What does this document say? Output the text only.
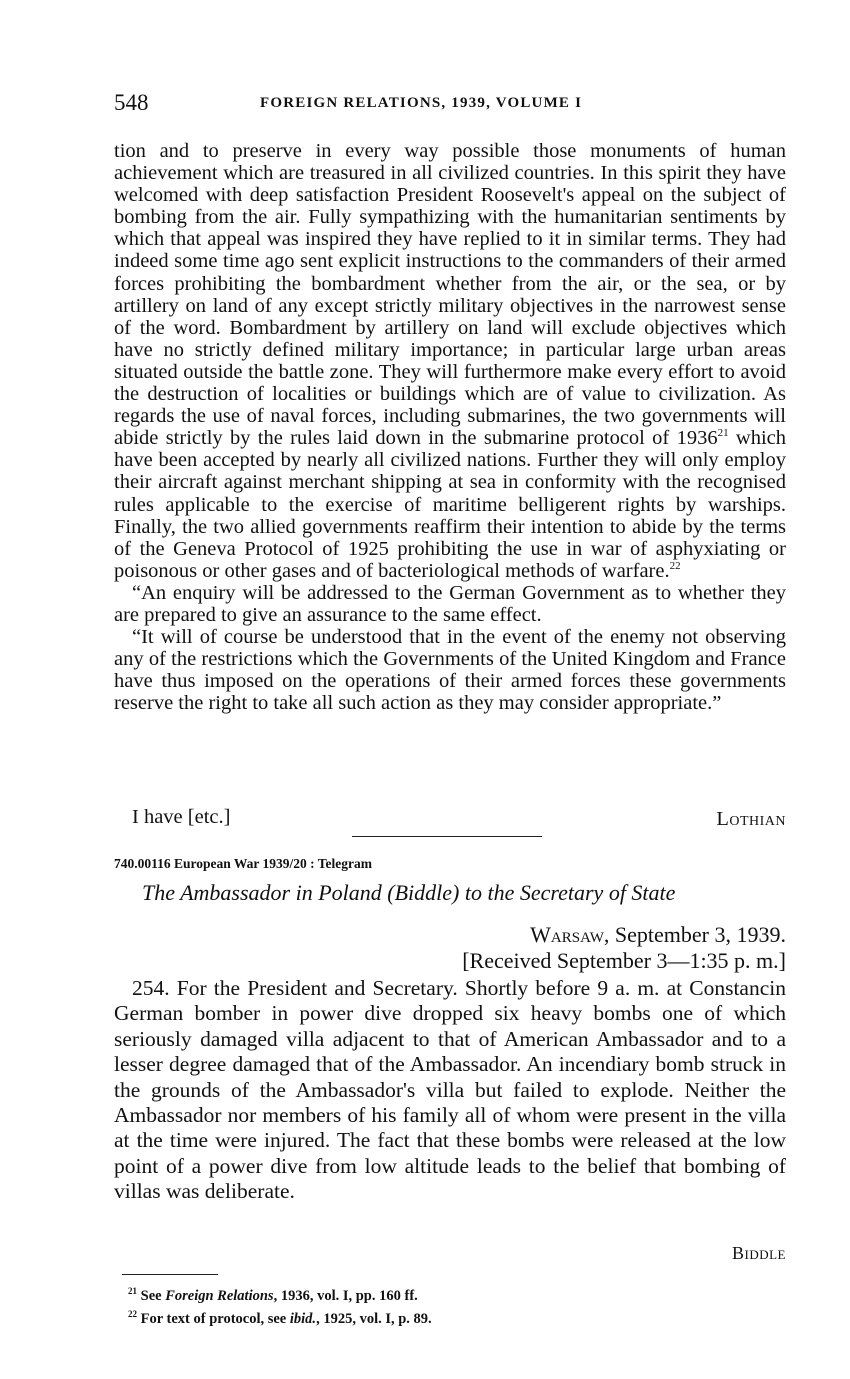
548	FOREIGN RELATIONS, 1939, VOLUME I

tion and to preserve in every way possible those monuments of human achievement which are treasured in all civilized countries. In this spirit they have welcomed with deep satisfaction President Roosevelt's appeal on the subject of bombing from the air. Fully sympathizing with the humanitarian sentiments by which that appeal was inspired they have replied to it in similar terms. They had indeed some time ago sent explicit instructions to the commanders of their armed forces prohibiting the bombardment whether from the air, or the sea, or by artillery on land of any except strictly military objectives in the narrowest sense of the word. Bombardment by artillery on land will exclude objectives which have no strictly defined military importance; in particular large urban areas situated outside the battle zone. They will furthermore make every effort to avoid the destruction of localities or buildings which are of value to civilization. As regards the use of naval forces, including submarines, the two governments will abide strictly by the rules laid down in the submarine protocol of 1936$^{21}$ which have been accepted by nearly all civilized nations. Further they will only employ their aircraft against merchant shipping at sea in conformity with the recognised rules applicable to the exercise of maritime belligerent rights by warships. Finally, the two allied governments reaffirm their intention to abide by the terms of the Geneva Protocol of 1925 prohibiting the use in war of asphyxiating or poisonous or other gases and of bacteriological methods of warfare.$^{22}$

“An enquiry will be addressed to the German Government as to whether they are prepared to give an assurance to the same effect.

“It will of course be understood that in the event of the enemy not observing any of the restrictions which the Governments of the United Kingdom and France have thus imposed on the operations of their armed forces these governments reserve the right to take all such action as they may consider appropriate.”

I have [etc.]	Lothian
740.00116 European War 1939/20 : Telegram
The Ambassador in Poland (Biddle) to the Secretary of State
Warsaw, September 3, 1939.
[Received September 3—1:35 p. m.]

254. For the President and Secretary. Shortly before 9 a. m. at Constancin German bomber in power dive dropped six heavy bombs one of which seriously damaged villa adjacent to that of American Ambassador and to a lesser degree damaged that of the Ambassador. An incendiary bomb struck in the grounds of the Ambassador's villa but failed to explode. Neither the Ambassador nor members of his family all of whom were present in the villa at the time were injured. The fact that these bombs were released at the low point of a power dive from low altitude leads to the belief that bombing of villas was deliberate.

Biddle
$^{21}$ See Foreign Relations, 1936, vol. I, pp. 160 ff.
$^{22}$ For text of protocol, see ibid., 1925, vol. I, p. 89.
